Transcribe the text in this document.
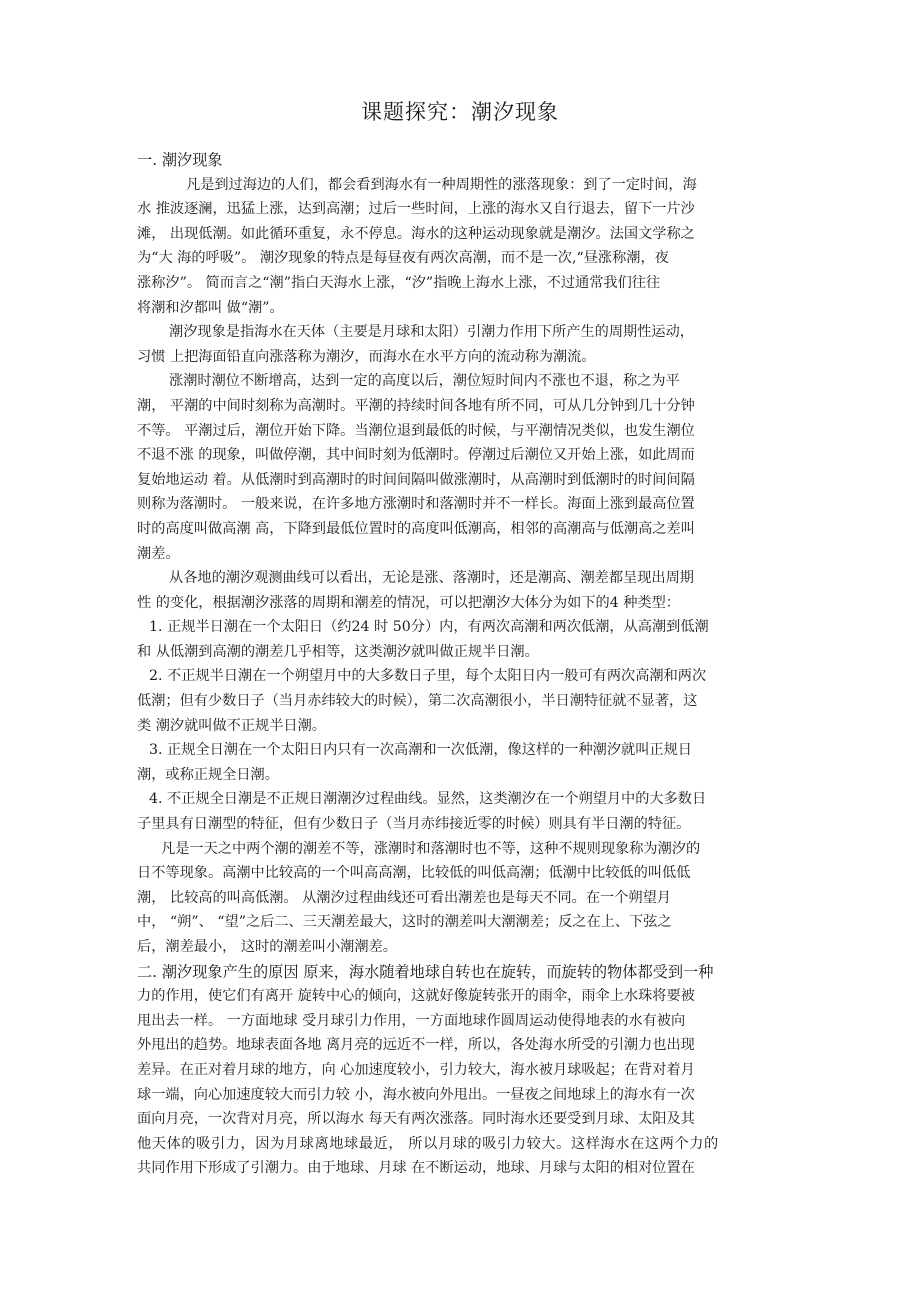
课题探究：潮汐现象
一. 潮汐现象
凡是到过海边的人们，都会看到海水有一种周期性的涨落现象：到了一定时间，海
水 推波逐澜，迅猛上涨，达到高潮；过后一些时间，上涨的海水又自行退去，留下一片沙
滩， 出现低潮。如此循环重复，永不停息。海水的这种运动现象就是潮汐。法国文学称之
为“大 海的呼吸”。 潮汐现象的特点是每昼夜有两次高潮，而不是一次,“昼涨称潮，夜
涨称汐”。 简而言之“潮”指白天海水上涨，“汐”指晚上海水上涨，不过通常我们往往
将潮和汐都叫 做“潮”。
潮汐现象是指海水在天体（主要是月球和太阳）引潮力作用下所产生的周期性运动，
习惯 上把海面铅直向涨落称为潮汐，而海水在水平方向的流动称为潮流。
涨潮时潮位不断增高，达到一定的高度以后，潮位短时间内不涨也不退，称之为平
潮， 平潮的中间时刻称为高潮时。平潮的持续时间各地有所不同，可从几分钟到几十分钟
不等。 平潮过后，潮位开始下降。当潮位退到最低的时候，与平潮情况类似，也发生潮位
不退不涨 的现象，叫做停潮，其中间时刻为低潮时。停潮过后潮位又开始上涨，如此周而
复始地运动 着。从低潮时到高潮时的时间间隔叫做涨潮时，从高潮时到低潮时的时间间隔
则称为落潮时。 一般来说，在许多地方涨潮时和落潮时并不一样长。海面上涨到最高位置
时的高度叫做高潮 高，下降到最低位置时的高度叫低潮高，相邻的高潮高与低潮高之差叫
潮差。
从各地的潮汐观测曲线可以看出，无论是涨、落潮时，还是潮高、潮差都呈现出周期
性 的变化，根据潮汐涨落的周期和潮差的情况，可以把潮汐大体分为如下的4 种类型：
1. 正规半日潮在一个太阳日（约24 时 50分）内，有两次高潮和两次低潮，从高潮到低潮
和 从低潮到高潮的潮差几乎相等，这类潮汐就叫做正规半日潮。
2. 不正规半日潮在一个朔望月中的大多数日子里，每个太阳日内一般可有两次高潮和两次
低潮；但有少数日子（当月赤纬较大的时候），第二次高潮很小，半日潮特征就不显著，这
类 潮汐就叫做不正规半日潮。
3. 正规全日潮在一个太阳日内只有一次高潮和一次低潮，像这样的一种潮汐就叫正规日
潮，或称正规全日潮。
4. 不正规全日潮是不正规日潮潮汐过程曲线。显然，这类潮汐在一个朔望月中的大多数日
子里具有日潮型的特征，但有少数日子（当月赤纬接近零的时候）则具有半日潮的特征。
凡是一天之中两个潮的潮差不等，涨潮时和落潮时也不等，这种不规则现象称为潮汐的
日不等现象。高潮中比较高的一个叫高高潮，比较低的叫低高潮；低潮中比较低的叫低低
潮， 比较高的叫高低潮。 从潮汐过程曲线还可看出潮差也是每天不同。在一个朔望月
中， “朔”、 “望”之后二、三天潮差最大，这时的潮差叫大潮潮差；反之在上、下弦之
后，潮差最小， 这时的潮差叫小潮潮差。
二. 潮汐现象产生的原因 原来，海水随着地球自转也在旋转，而旋转的物体都受到一种
力的作用，使它们有离开 旋转中心的倾向，这就好像旋转张开的雨伞，雨伞上水珠将要被
甩出去一样。 一方面地球 受月球引力作用，一方面地球作圆周运动使得地表的水有被向
外甩出的趋势。地球表面各地 离月亮的远近不一样，所以，各处海水所受的引潮力也出现
差异。在正对着月球的地方，向 心加速度较小，引力较大，海水被月球吸起；在背对着月
球一端，向心加速度较大而引力较 小，海水被向外甩出。一昼夜之间地球上的海水有一次
面向月亮，一次背对月亮，所以海水 每天有两次涨落。同时海水还要受到月球、太阳及其
他天体的吸引力，因为月球离地球最近， 所以月球的吸引力较大。这样海水在这两个力的
共同作用下形成了引潮力。由于地球、月球 在不断运动，地球、月球与太阳的相对位置在
